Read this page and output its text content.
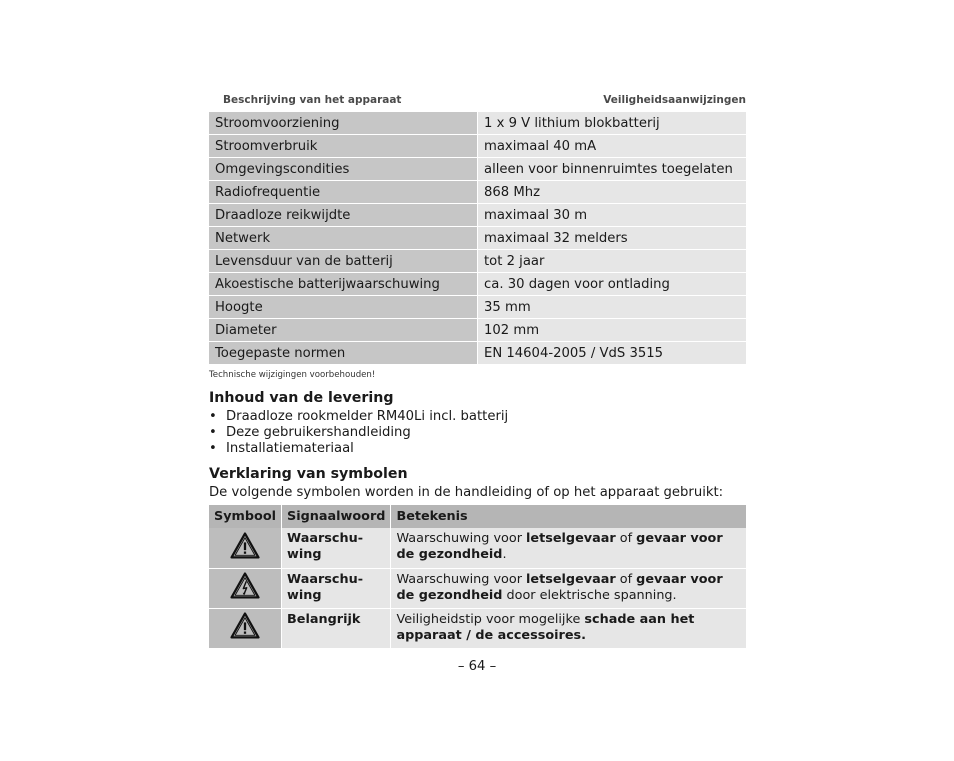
Beschrijving van het apparaat	Veiligheidsaanwijzingen
Stroomvoorziening	1 x 9 V lithium blokbatterij
Stroomverbruik	maximaal 40 mA
Omgevingscondities	alleen voor binnenruimtes toegelaten
Radiofrequentie	868 Mhz
Draadloze reikwijdte	maximaal 30 m
Netwerk	maximaal 32 melders
Levensduur van de batterij	tot 2 jaar
Akoestische batterijwaarschuwing	ca. 30 dagen voor ontlading
Hoogte	35 mm
Diameter	102 mm
Toegepaste normen	EN 14604-2005 / VdS 3515
Technische wijzigingen voorbehouden!
Inhoud van de levering
• Draadloze rookmelder RM40Li incl. batterij
• Deze gebruikershandleiding
• Installatiemateriaal
Verklaring van symbolen
De volgende symbolen worden in de handleiding of op het apparaat gebruikt:
Symbool	Signaalwoord	Betekenis
	Waarschu-
wing	Waarschuwing voor letselgevaar of gevaar voor de gezondheid.
	Waarschu-
wing	Waarschuwing voor letselgevaar of gevaar voor de gezondheid door elektrische spanning.
	Belangrijk	Veiligheidstip voor mogelijke schade aan het apparaat / de accessoires.
– 64 –
